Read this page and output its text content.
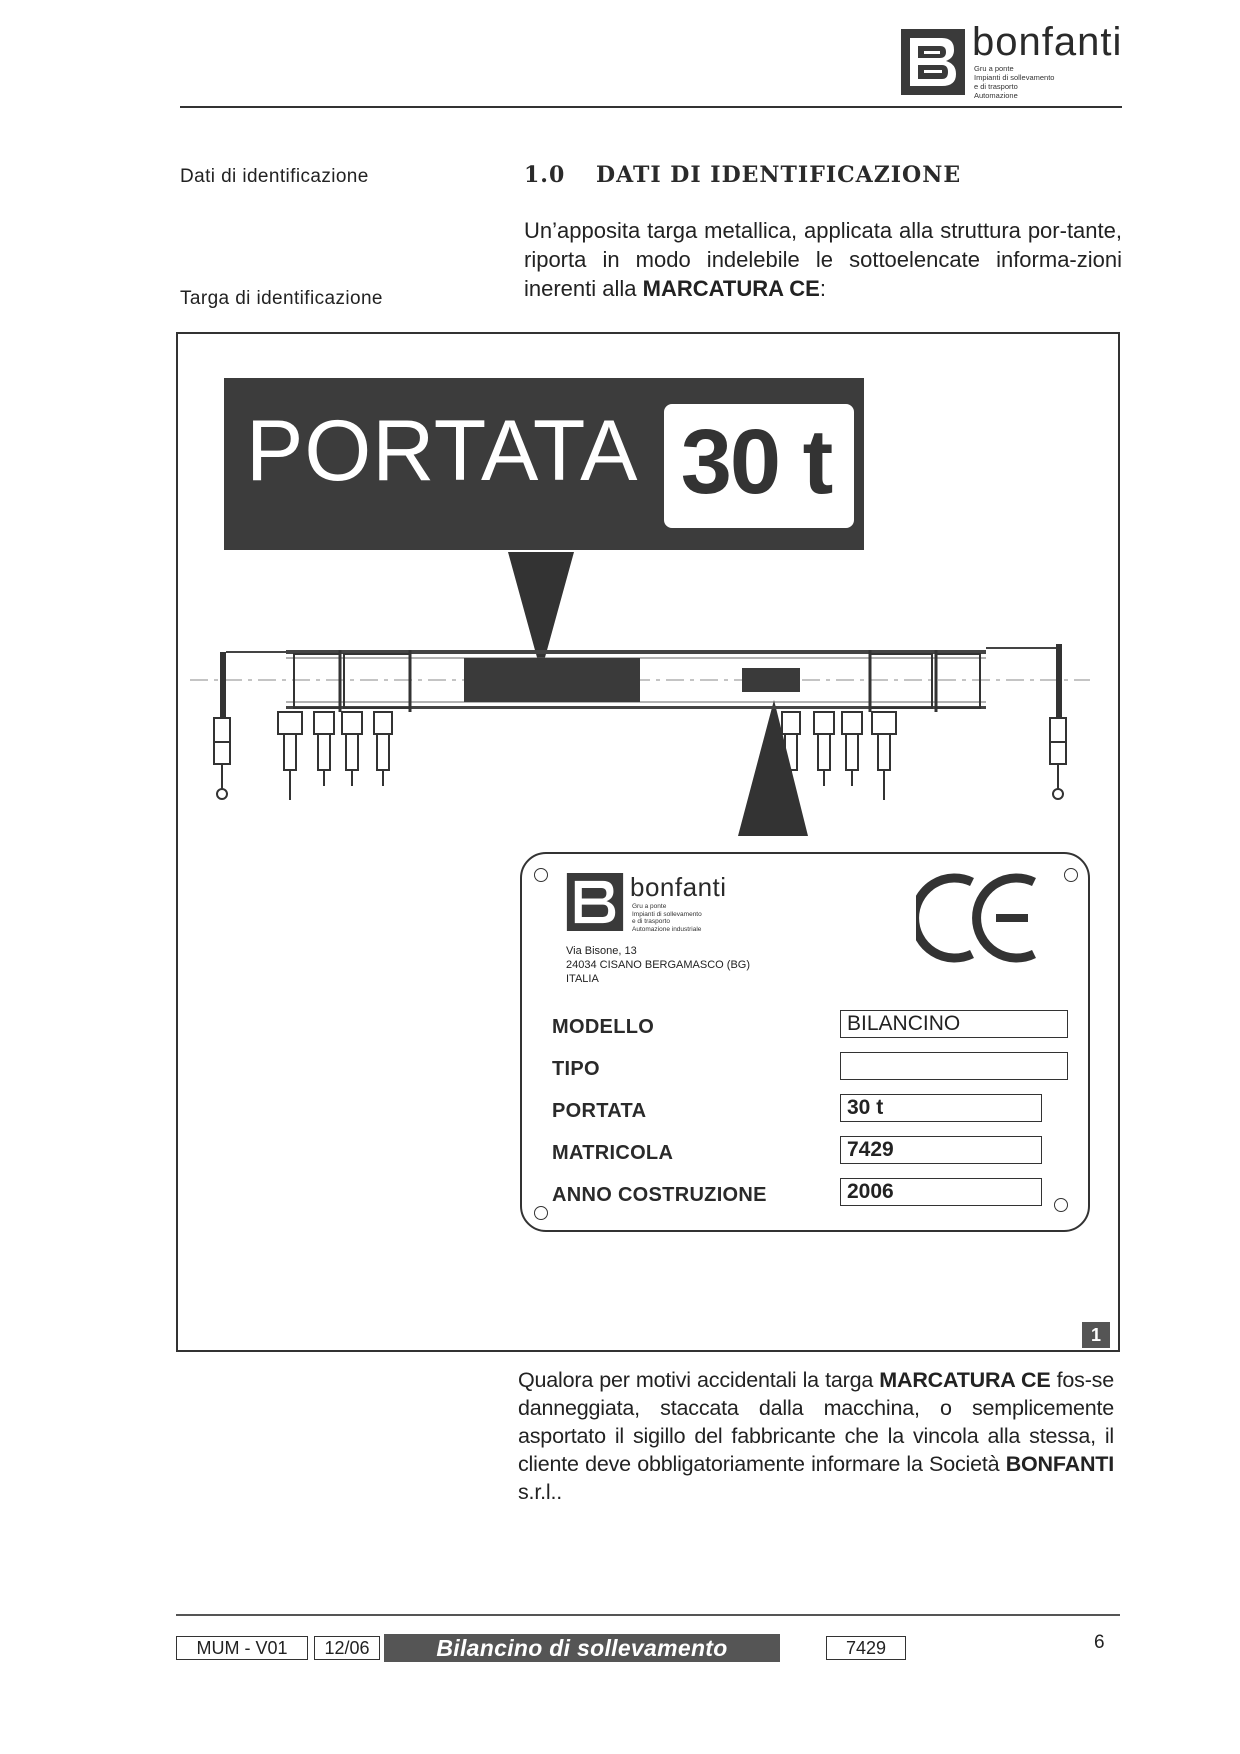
bonfanti
Gru a ponte
Impianti di sollevamento
e di trasporto
Automazione
Dati di identificazione
Targa di identificazione
1.0 DATI DI IDENTIFICAZIONE
Un’apposita targa metallica, applicata alla struttura por-tante, riporta in modo indelebile le sottoelencate informa-zioni inerenti alla MARCATURA CE:
PORTATA 30 t
bonfanti
Gru a ponte
Impianti di sollevamento
e di trasporto
Automazione industriale
Via Bisone, 13
24034 CISANO BERGAMASCO (BG)
ITALIA
MODELLO	BILANCINO
TIPO
PORTATA	30 t
MATRICOLA	7429
ANNO COSTRUZIONE	2006
1
Qualora per motivi accidentali la targa MARCATURA CE fos-se danneggiata, staccata dalla macchina, o semplicemente asportato il sigillo del fabbricante che la vincola alla stessa, il cliente deve obbligatoriamente informare la Società BONFANTI s.r.l..
MUM - V01	12/06	Bilancino di sollevamento	7429	6
